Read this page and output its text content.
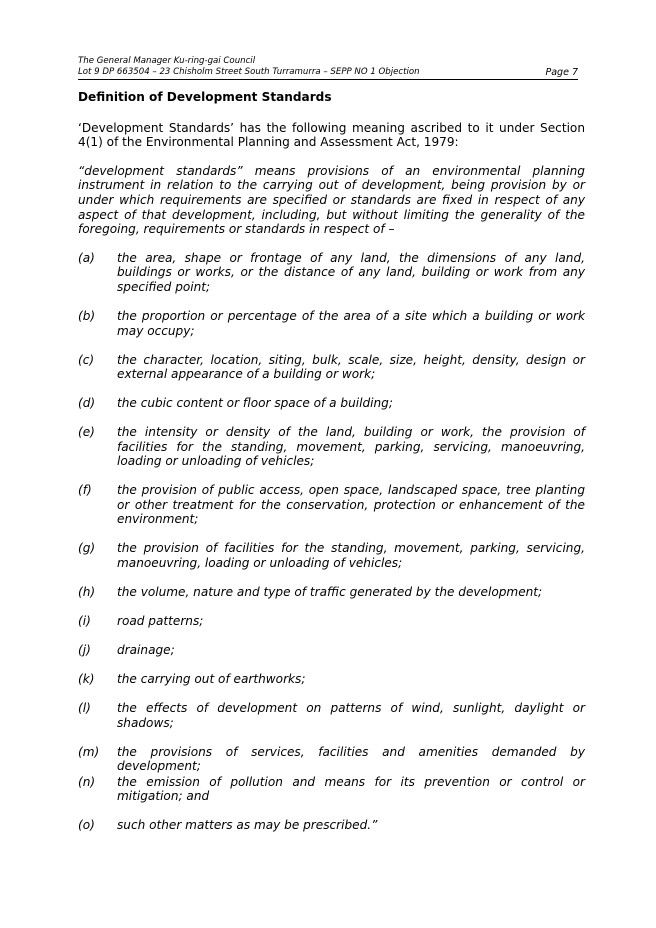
The General Manager Ku-ring-gai Council
Lot 9 DP 663504 – 23 Chisholm Street South Turramurra – SEPP NO 1 Objection	Page 7
Definition of Development Standards
‘Development Standards’ has the following meaning ascribed to it under Section 4(1) of the Environmental Planning and Assessment Act, 1979:
“development standards” means provisions of an environmental planning instrument in relation to the carrying out of development, being provision by or under which requirements are specified or standards are fixed in respect of any aspect of that development, including, but without limiting the generality of the foregoing, requirements or standards in respect of –
(a)	the area, shape or frontage of any land, the dimensions of any land, buildings or works, or the distance of any land, building or work from any specified point;
(b)	the proportion or percentage of the area of a site which a building or work may occupy;
(c)	the character, location, siting, bulk, scale, size, height, density, design or external appearance of a building or work;
(d)	the cubic content or floor space of a building;
(e)	the intensity or density of the land, building or work, the provision of facilities for the standing, movement, parking, servicing, manoeuvring, loading or unloading of vehicles;
(f)	the provision of public access, open space, landscaped space, tree planting or other treatment for the conservation, protection or enhancement of the environment;
(g)	the provision of facilities for the standing, movement, parking, servicing, manoeuvring, loading or unloading of vehicles;
(h)	the volume, nature and type of traffic generated by the development;
(i)	road patterns;
(j)	drainage;
(k)	the carrying out of earthworks;
(l)	the effects of development on patterns of wind, sunlight, daylight or shadows;
(m)	the provisions of services, facilities and amenities demanded by development;
(n)	the emission of pollution and means for its prevention or control or mitigation; and
(o)	such other matters as may be prescribed.”
